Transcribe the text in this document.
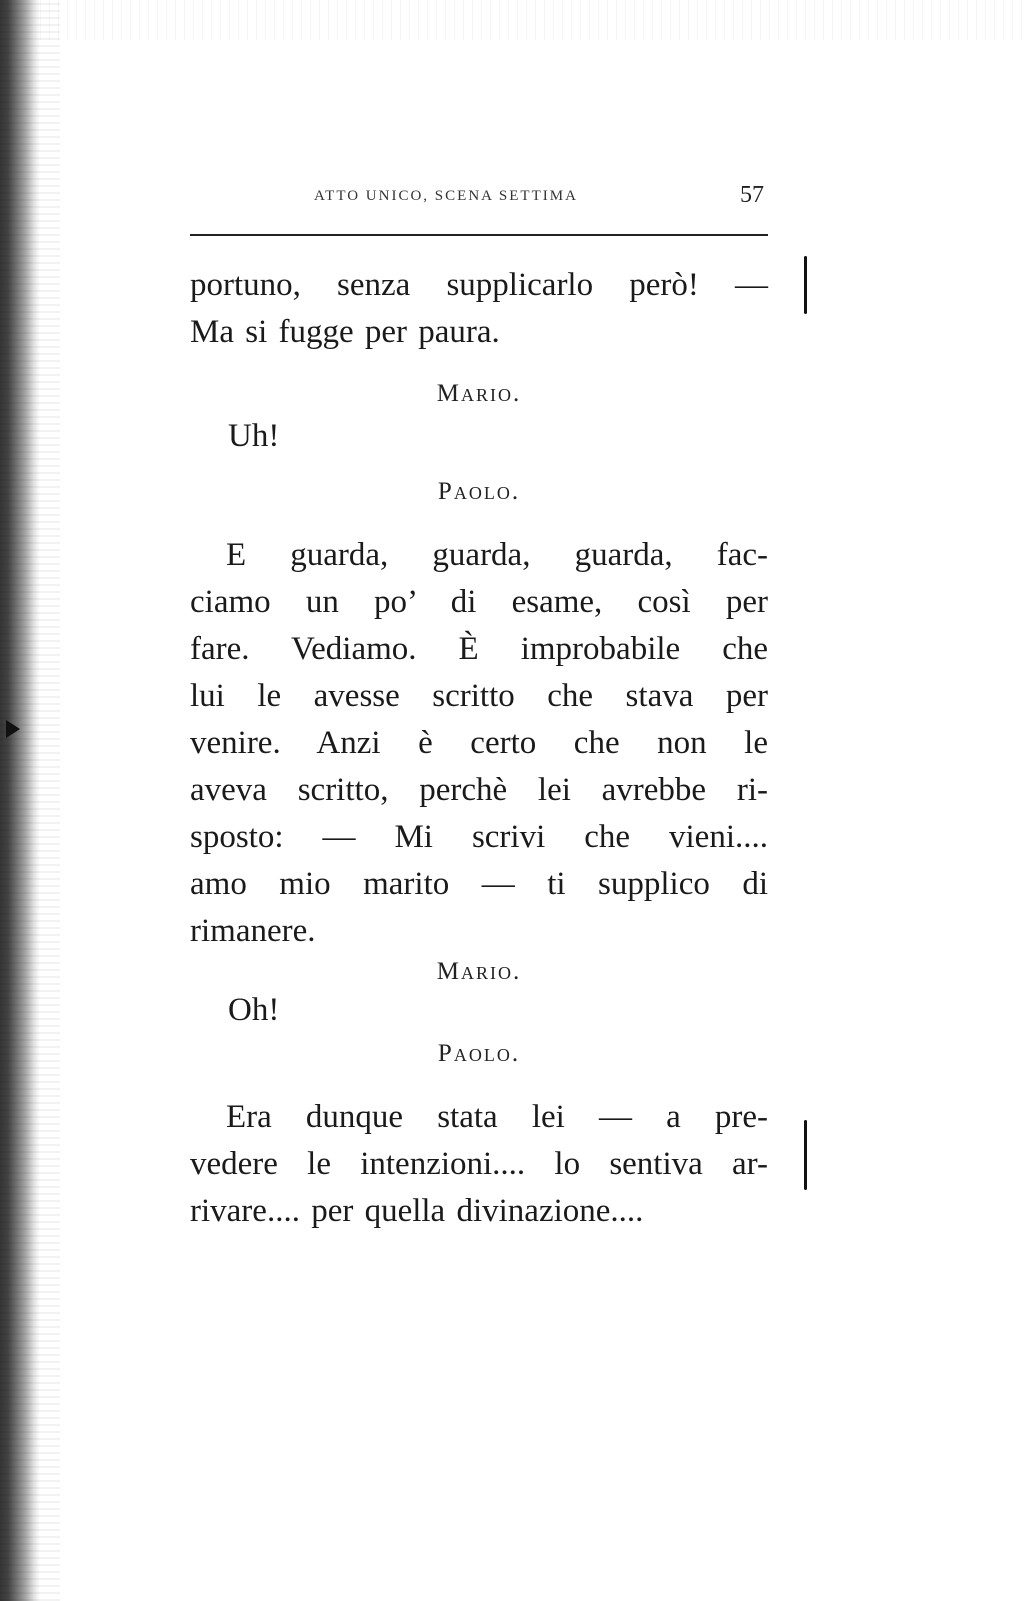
ATTO UNICO, SCENA SETTIMA	57
portuno, senza supplicarlo però! —
Ma si fugge per paura.
Mario.
Uh!
Paolo.
E guarda, guarda, guarda, fac-
ciamo un po’ di esame, così per
fare. Vediamo. È improbabile che
lui le avesse scritto che stava per
venire. Anzi è certo che non le
aveva scritto, perchè lei avrebbe ri-
sposto: — Mi scrivi che vieni....
amo mio marito — ti supplico di
rimanere.
Mario.
Oh!
Paolo.
Era dunque stata lei — a pre-
vedere le intenzioni.... lo sentiva ar-
rivare.... per quella divinazione....
